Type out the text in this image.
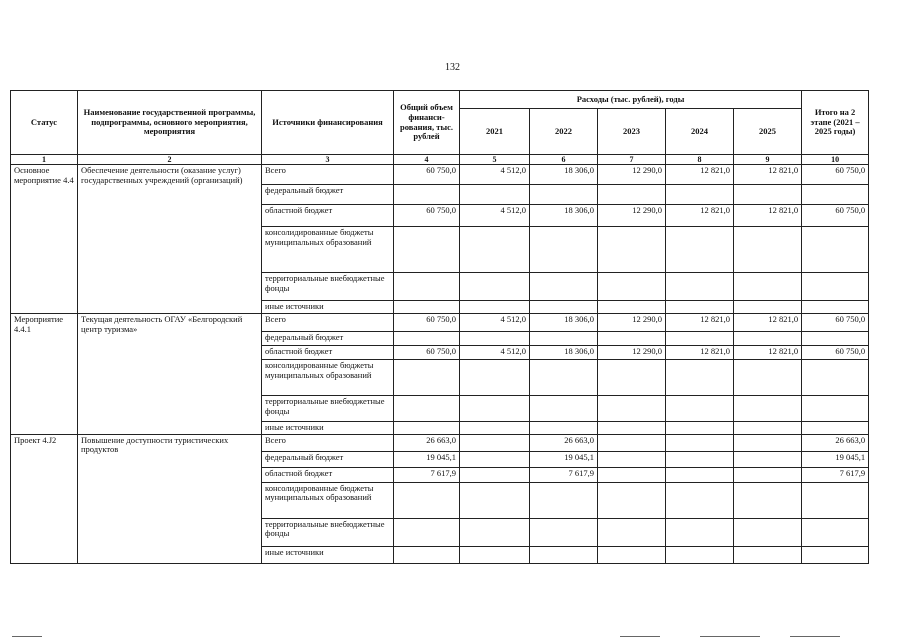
132
Статус	Наименование государственной программы, подпрограммы, основного мероприятия, мероприятия	Источники финансирования	Общий объем финанси-рования, тыс. рублей	Расходы (тыс. рублей), годы					Итого на 2 этапе (2021 – 2025 годы)
				2021	2022	2023	2024	2025	
1	2	3	4	5	6	7	8	9	10
Основное мероприятие 4.4	Обеспечение деятельности (оказание услуг) государственных учреждений (организаций)	Всего	60 750,0	4 512,0	18 306,0	12 290,0	12 821,0	12 821,0	60 750,0
		федеральный бюджет							
		областной бюджет	60 750,0	4 512,0	18 306,0	12 290,0	12 821,0	12 821,0	60 750,0
		консолидированные бюджеты муниципальных образований							
		территориальные внебюджетные фонды							
		иные источники							
Мероприятие 4.4.1	Текущая деятельность ОГАУ «Белгородский центр туризма»	Всего	60 750,0	4 512,0	18 306,0	12 290,0	12 821,0	12 821,0	60 750,0
		федеральный бюджет							
		областной бюджет	60 750,0	4 512,0	18 306,0	12 290,0	12 821,0	12 821,0	60 750,0
		консолидированные бюджеты муниципальных образований							
		территориальные внебюджетные фонды							
		иные источники							
Проект 4.J2	Повышение доступности туристических продуктов	Всего	26 663,0		26 663,0				26 663,0
		федеральный бюджет	19 045,1		19 045,1				19 045,1
		областной бюджет	7 617,9		7 617,9				7 617,9
		консолидированные бюджеты муниципальных образований							
		территориальные внебюджетные фонды							
		иные источники							
